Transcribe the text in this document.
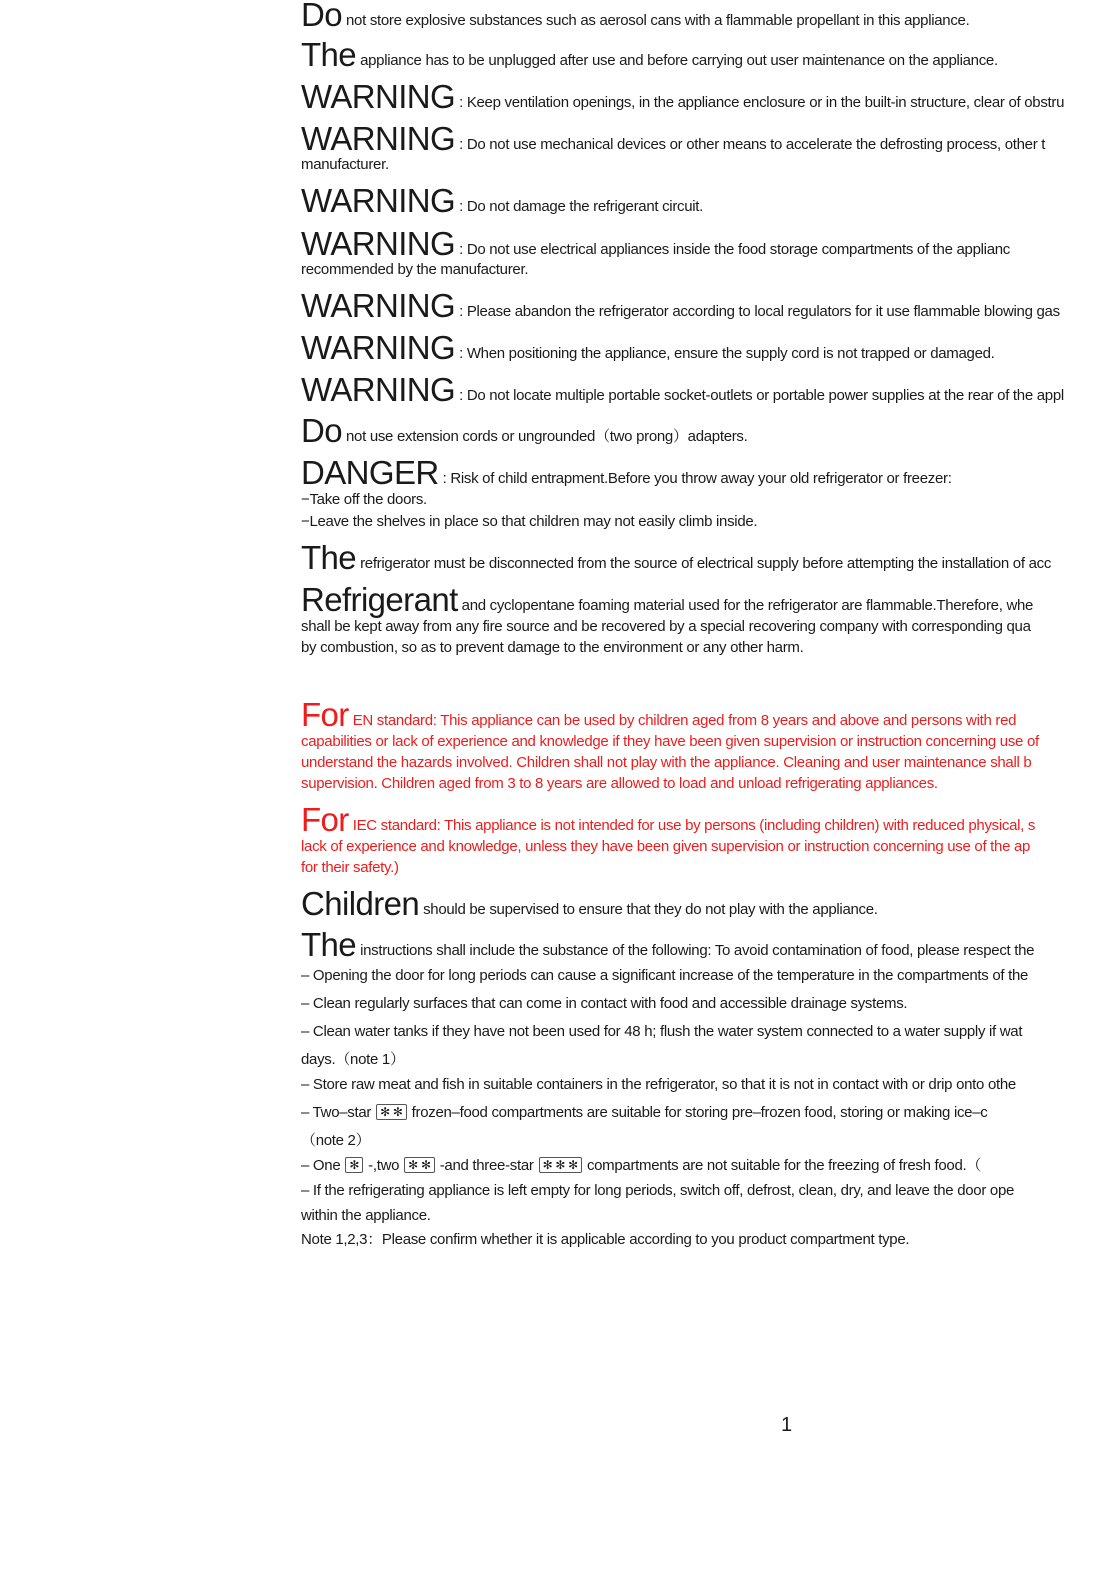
Do not store explosive substances such as aerosol cans with a flammable propellant in this appliance.
The appliance has to be unplugged after use and before carrying out user maintenance on the appliance.
WARNING : Keep ventilation openings, in the appliance enclosure or in the built-in structure, clear of obstru
WARNING : Do not use mechanical devices or other means to accelerate the defrosting process, other t
manufacturer.
WARNING : Do not damage the refrigerant circuit.
WARNING : Do not use electrical appliances inside the food storage compartments of the applianc
recommended by the manufacturer.
WARNING : Please abandon the refrigerator according to local regulators for it use flammable blowing gas
WARNING : When positioning the appliance, ensure the supply cord is not trapped or damaged.
WARNING : Do not locate multiple portable socket-outlets or portable power supplies at the rear of the appl
Do not use extension cords or ungrounded（two prong）adapters.
DANGER : Risk of child entrapment.Before you throw away your old refrigerator or freezer:
−Take off the doors.
−Leave the shelves in place so that children may not easily climb inside.
The refrigerator must be disconnected from the source of electrical supply before attempting the installation of acc
Refrigerant and cyclopentane foaming material used for the refrigerator are flammable.Therefore, whe
shall be kept away from any fire source and be recovered by a special recovering company with corresponding qua
by combustion, so as to prevent damage to the environment or any other harm.
For EN standard: This appliance can be used by children aged from 8 years and above and persons with red
capabilities or lack of experience and knowledge if they have been given supervision or instruction concerning use of
understand the hazards involved. Children shall not play with the appliance. Cleaning and user maintenance shall b
supervision. Children aged from 3 to 8 years are allowed to load and unload refrigerating appliances.
For IEC standard: This appliance is not intended for use by persons (including children) with reduced physical, s
lack of experience and knowledge, unless they have been given supervision or instruction concerning use of the ap
for their safety.)
Children should be supervised to ensure that they do not play with the appliance.
The instructions shall include the substance of the following: To avoid contamination of food, please respect the
– Opening the door for long periods can cause a significant increase of the temperature in the compartments of the
– Clean regularly surfaces that can come in contact with food and accessible drainage systems.
– Clean water tanks if they have not been used for 48 h; flush the water system connected to a water supply if wat
days.（note 1）
– Store raw meat and fish in suitable containers in the refrigerator, so that it is not in contact with or drip onto othe
– Two–star ✻ ✻ frozen–food compartments are suitable for storing pre–frozen food, storing or making ice–c
（note 2）
– One ✻ -,two ✻ ✻ -and three-star ✻ ✻ ✻ compartments are not suitable for the freezing of fresh food.（
– If the refrigerating appliance is left empty for long periods, switch off, defrost, clean, dry, and leave the door ope
within the appliance.
Note 1,2,3：Please confirm whether it is applicable according to you product compartment type.
1
